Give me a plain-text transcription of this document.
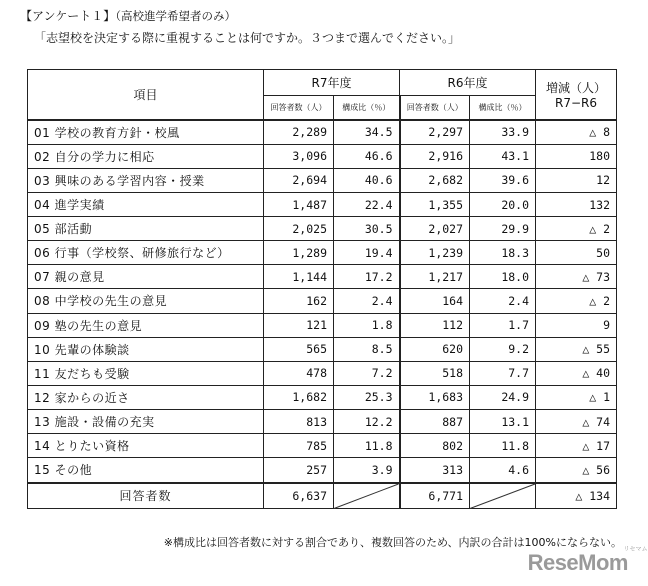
【アンケート１】（高校進学希望者のみ）
「志望校を決定する際に重視することは何ですか。３つまで選んでください。」
項目	R7年度		R6年度		増減（人）
R7−R6

	回答者数（人）	構成比（％）	回答者数（人）	構成比（％）	
01 学校の教育方針・校風	2,289	34.5	2,297	33.9	△ 8
02 自分の学力に相応	3,096	46.6	2,916	43.1	180
03 興味のある学習内容・授業	2,694	40.6	2,682	39.6	12
04 進学実績	1,487	22.4	1,355	20.0	132
05 部活動	2,025	30.5	2,027	29.9	△ 2
06 行事（学校祭、研修旅行など）	1,289	19.4	1,239	18.3	50
07 親の意見	1,144	17.2	1,217	18.0	△ 73
08 中学校の先生の意見	162	2.4	164	2.4	△ 2
09 塾の先生の意見	121	1.8	112	1.7	9
10 先輩の体験談	565	8.5	620	9.2	△ 55
11 友だちも受験	478	7.2	518	7.7	△ 40
12 家からの近さ	1,682	25.3	1,683	24.9	△ 1
13 施設・設備の充実	813	12.2	887	13.1	△ 74
14 とりたい資格	785	11.8	802	11.8	△ 17
15 その他	257	3.9	313	4.6	△ 56
回答者数	6,637		6,771		△ 134
※構成比は回答者数に対する割合であり、複数回答のため、内訳の合計は100%にならない。
ReseMom
リセマム
